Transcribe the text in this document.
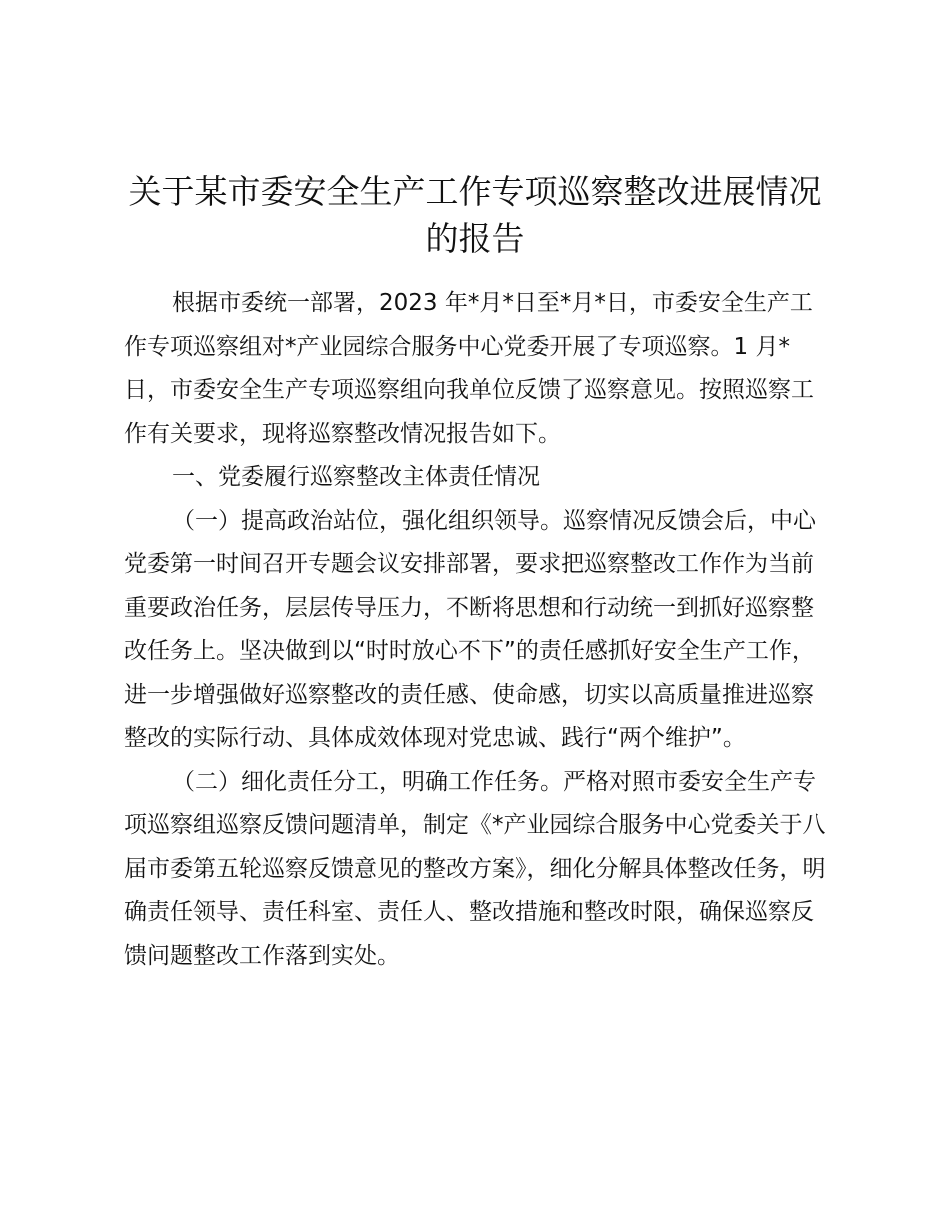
关于某市委安全生产工作专项巡察整改进展情况的报告

根据市委统一部署，2023 年*月*日至*月*日，市委安全生产工作专项巡察组对*产业园综合服务中心党委开展了专项巡察。1 月*日，市委安全生产专项巡察组向我单位反馈了巡察意见。按照巡察工作有关要求，现将巡察整改情况报告如下。

一、党委履行巡察整改主体责任情况

（一）提高政治站位，强化组织领导。巡察情况反馈会后，中心党委第一时间召开专题会议安排部署，要求把巡察整改工作作为当前重要政治任务，层层传导压力，不断将思想和行动统一到抓好巡察整改任务上。坚决做到以“时时放心不下”的责任感抓好安全生产工作，进一步增强做好巡察整改的责任感、使命感，切实以高质量推进巡察整改的实际行动、具体成效体现对党忠诚、践行“两个维护”。

（二）细化责任分工，明确工作任务。严格对照市委安全生产专项巡察组巡察反馈问题清单，制定《*产业园综合服务中心党委关于八届市委第五轮巡察反馈意见的整改方案》，细化分解具体整改任务，明确责任领导、责任科室、责任人、整改措施和整改时限，确保巡察反馈问题整改工作落到实处。
